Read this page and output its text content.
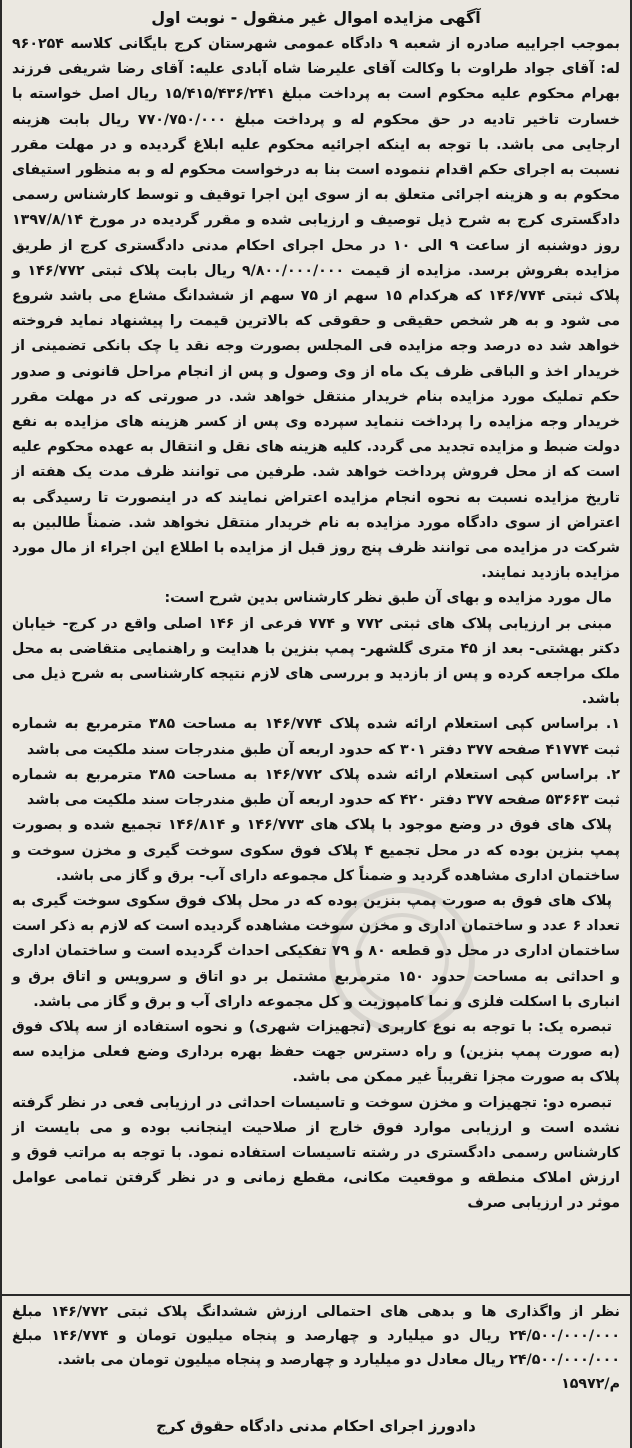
آگهی مزایده اموال غیر منقول - نوبت اول

بموجب اجراییه صادره از شعبه ۹ دادگاه عمومی شهرستان کرج بایگانی کلاسه ۹۶۰۲۵۴ له: آقای جواد طراوت با وکالت آقای علیرضا شاه آبادی علیه: آقای رضا شریفی فرزند بهرام محکوم علیه محکوم است به پرداخت مبلغ ۱۵/۴۱۵/۴۳۶/۲۴۱ ریال اصل خواسته با خسارت تاخیر تادیه در حق محکوم له و پرداخت مبلغ ۷۷۰/۷۵۰/۰۰۰ ریال بابت هزینه ارجایی می باشد. با توجه به اینکه اجرائیه محکوم علیه ابلاغ گردیده و در مهلت مقرر نسبت به اجرای حکم اقدام ننموده است بنا به درخواست محکوم له و به منظور استیفای محکوم به و هزینه اجرائی متعلق به از سوی این اجرا توقیف و توسط کارشناس رسمی دادگستری کرج به شرح ذیل توصیف و ارزیابی شده و مقرر گردیده در مورخ ۱۳۹۷/۸/۱۴ روز دوشنبه از ساعت ۹ الی ۱۰ در محل اجرای احکام مدنی دادگستری کرج از طریق مزایده بفروش برسد. مزایده از قیمت ۹/۸۰۰/۰۰۰/۰۰۰ ریال بابت پلاک ثبتی ۱۴۶/۷۷۲ و پلاک ثبتی ۱۴۶/۷۷۴ که هرکدام ۱۵ سهم از ۷۵ سهم از ششدانگ مشاع می باشد شروع می شود و به هر شخص حقیقی و حقوقی که بالاترین قیمت را پیشنهاد نماید فروخته خواهد شد ده درصد وجه مزایده فی المجلس بصورت وجه نقد یا چک بانکی تضمینی از خریدار اخذ و الباقی ظرف یک ماه از وی وصول و پس از انجام مراحل قانونی و صدور حکم تملیک مورد مزایده بنام خریدار منتقل خواهد شد. در صورتی که در مهلت مقرر خریدار وجه مزایده را پرداخت ننماید سپرده وی پس از کسر هزینه های مزایده به نفع دولت ضبط و مزایده تجدید می گردد. کلیه هزینه های نقل و انتقال به عهده محکوم علیه است که از محل فروش پرداخت خواهد شد. طرفین می توانند ظرف مدت یک هفته از تاریخ مزایده نسبت به نحوه انجام مزایده اعتراض نمایند که در اینصورت تا رسیدگی به اعتراض از سوی دادگاه مورد مزایده به نام خریدار منتقل نخواهد شد. ضمناً طالبین به شرکت در مزایده می توانند ظرف پنج روز قبل از مزایده با اطلاع این اجراء از مال مورد مزایده بازدید نمایند.

مال مورد مزایده و بهای آن طبق نظر کارشناس بدین شرح است:

مبنی بر ارزیابی پلاک های ثبتی ۷۷۲ و ۷۷۴ فرعی از ۱۴۶ اصلی واقع در کرج- خیابان دکتر بهشتی- بعد از ۴۵ متری گلشهر- پمپ بنزین با هدایت و راهنمایی متقاضی به محل ملک مراجعه کرده و پس از بازدید و بررسی های لازم نتیجه کارشناسی به شرح ذیل می باشد.

۱. براساس کپی استعلام ارائه شده پلاک ۱۴۶/۷۷۴ به مساحت ۳۸۵ مترمربع به شماره ثبت ۴۱۷۷۴ صفحه ۳۷۷ دفتر ۳۰۱ که حدود اربعه آن طبق مندرجات سند ملکیت می باشد

۲. براساس کپی استعلام ارائه شده پلاک ۱۴۶/۷۷۲ به مساحت ۳۸۵ مترمربع به شماره ثبت ۵۳۶۶۳ صفحه ۳۷۷ دفتر ۴۲۰ که حدود اربعه آن طبق مندرجات سند ملکیت می باشد

پلاک های فوق در وضع موجود با پلاک های ۱۴۶/۷۷۳ و ۱۴۶/۸۱۴ تجمیع شده و بصورت پمپ بنزین بوده که در محل تجمیع ۴ پلاک فوق سکوی سوخت گیری و مخزن سوخت و ساختمان اداری مشاهده گردید و ضمناً کل مجموعه دارای آب- برق و گاز می باشد.

پلاک های فوق به صورت پمپ بنزین بوده که در محل پلاک فوق سکوی سوخت گیری به تعداد ۶ عدد و ساختمان اداری و مخزن سوخت مشاهده گردیده است که لازم به ذکر است ساختمان اداری در محل دو قطعه ۸۰ و ۷۹ تفکیکی احداث گردیده است و ساختمان اداری و احداثی به مساحت حدود ۱۵۰ مترمربع مشتمل بر دو اتاق و سرویس و اتاق برق و انباری با اسکلت فلزی و نما کامپوزیت و کل مجموعه دارای آب و برق و گاز می باشد.

تبصره یک: با توجه به نوع کاربری (تجهیزات شهری) و نحوه استفاده از سه پلاک فوق (به صورت پمپ بنزین) و راه دسترس جهت حفظ بهره برداری وضع فعلی مزایده سه پلاک به صورت مجزا تقریباً غیر ممکن می باشد.

تبصره دو: تجهیزات و مخزن سوخت و تاسیسات احداثی در ارزیابی فعی در نظر گرفته نشده است و ارزیابی موارد فوق خارج از صلاحیت اینجانب بوده و می بایست از کارشناس رسمی دادگستری در رشته تاسیسات استفاده نمود. با توجه به مراتب فوق و ارزش املاک منطقه و موقعیت مکانی، مقطع زمانی و در نظر گرفتن تمامی عوامل موثر در ارزیابی صرف

نظر از واگذاری ها و بدهی های احتمالی ارزش ششدانگ پلاک ثبتی ۱۴۶/۷۷۲ مبلغ ۲۴/۵۰۰/۰۰۰/۰۰۰ ریال دو میلیارد و چهارصد و پنجاه میلیون تومان و ۱۴۶/۷۷۴ مبلغ ۲۴/۵۰۰/۰۰۰/۰۰۰ ریال معادل دو میلیارد و چهارصد و پنجاه میلیون تومان می باشد.

م/۱۵۹۷۲

دادورز اجرای احکام مدنی دادگاه حقوق کرج
